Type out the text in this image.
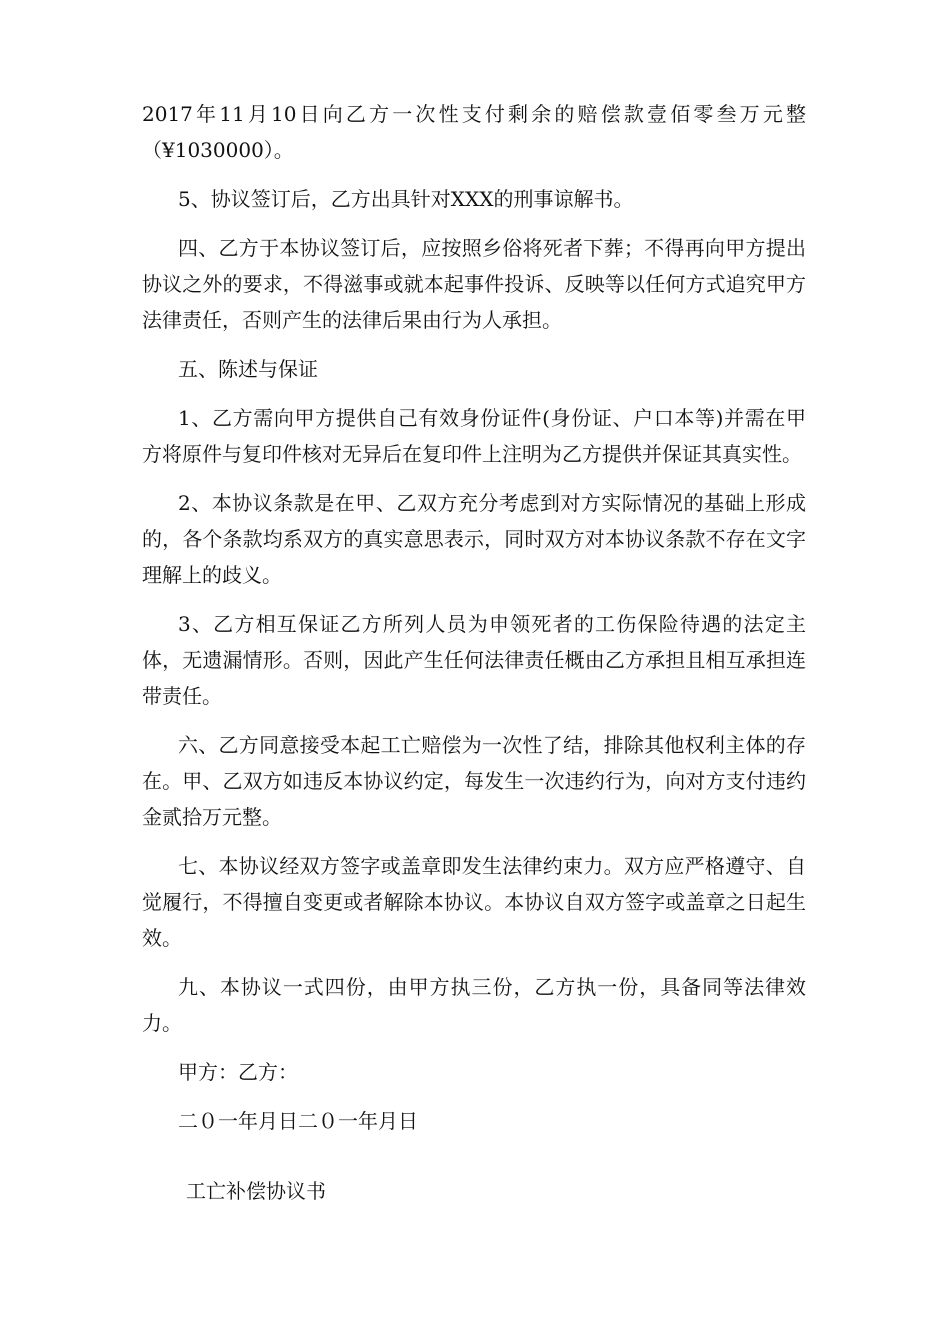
2017年11月10日向乙方一次性支付剩余的赔偿款壹佰零叁万元整（¥1030000）。

5、协议签订后，乙方出具针对XXX的刑事谅解书。

四、乙方于本协议签订后，应按照乡俗将死者下葬；不得再向甲方提出协议之外的要求，不得滋事或就本起事件投诉、反映等以任何方式追究甲方法律责任，否则产生的法律后果由行为人承担。

五、陈述与保证

1、乙方需向甲方提供自己有效身份证件(身份证、户口本等)并需在甲方将原件与复印件核对无异后在复印件上注明为乙方提供并保证其真实性。

2、本协议条款是在甲、乙双方充分考虑到对方实际情况的基础上形成的，各个条款均系双方的真实意思表示，同时双方对本协议条款不存在文字理解上的歧义。

3、乙方相互保证乙方所列人员为申领死者的工伤保险待遇的法定主体，无遗漏情形。否则，因此产生任何法律责任概由乙方承担且相互承担连带责任。

六、乙方同意接受本起工亡赔偿为一次性了结，排除其他权利主体的存在。甲、乙双方如违反本协议约定，每发生一次违约行为，向对方支付违约金贰拾万元整。

七、本协议经双方签字或盖章即发生法律约束力。双方应严格遵守、自觉履行，不得擅自变更或者解除本协议。本协议自双方签字或盖章之日起生效。

九、本协议一式四份，由甲方执三份，乙方执一份，具备同等法律效力。

甲方：乙方：

二０一年月日二０一年月日

工亡补偿协议书
